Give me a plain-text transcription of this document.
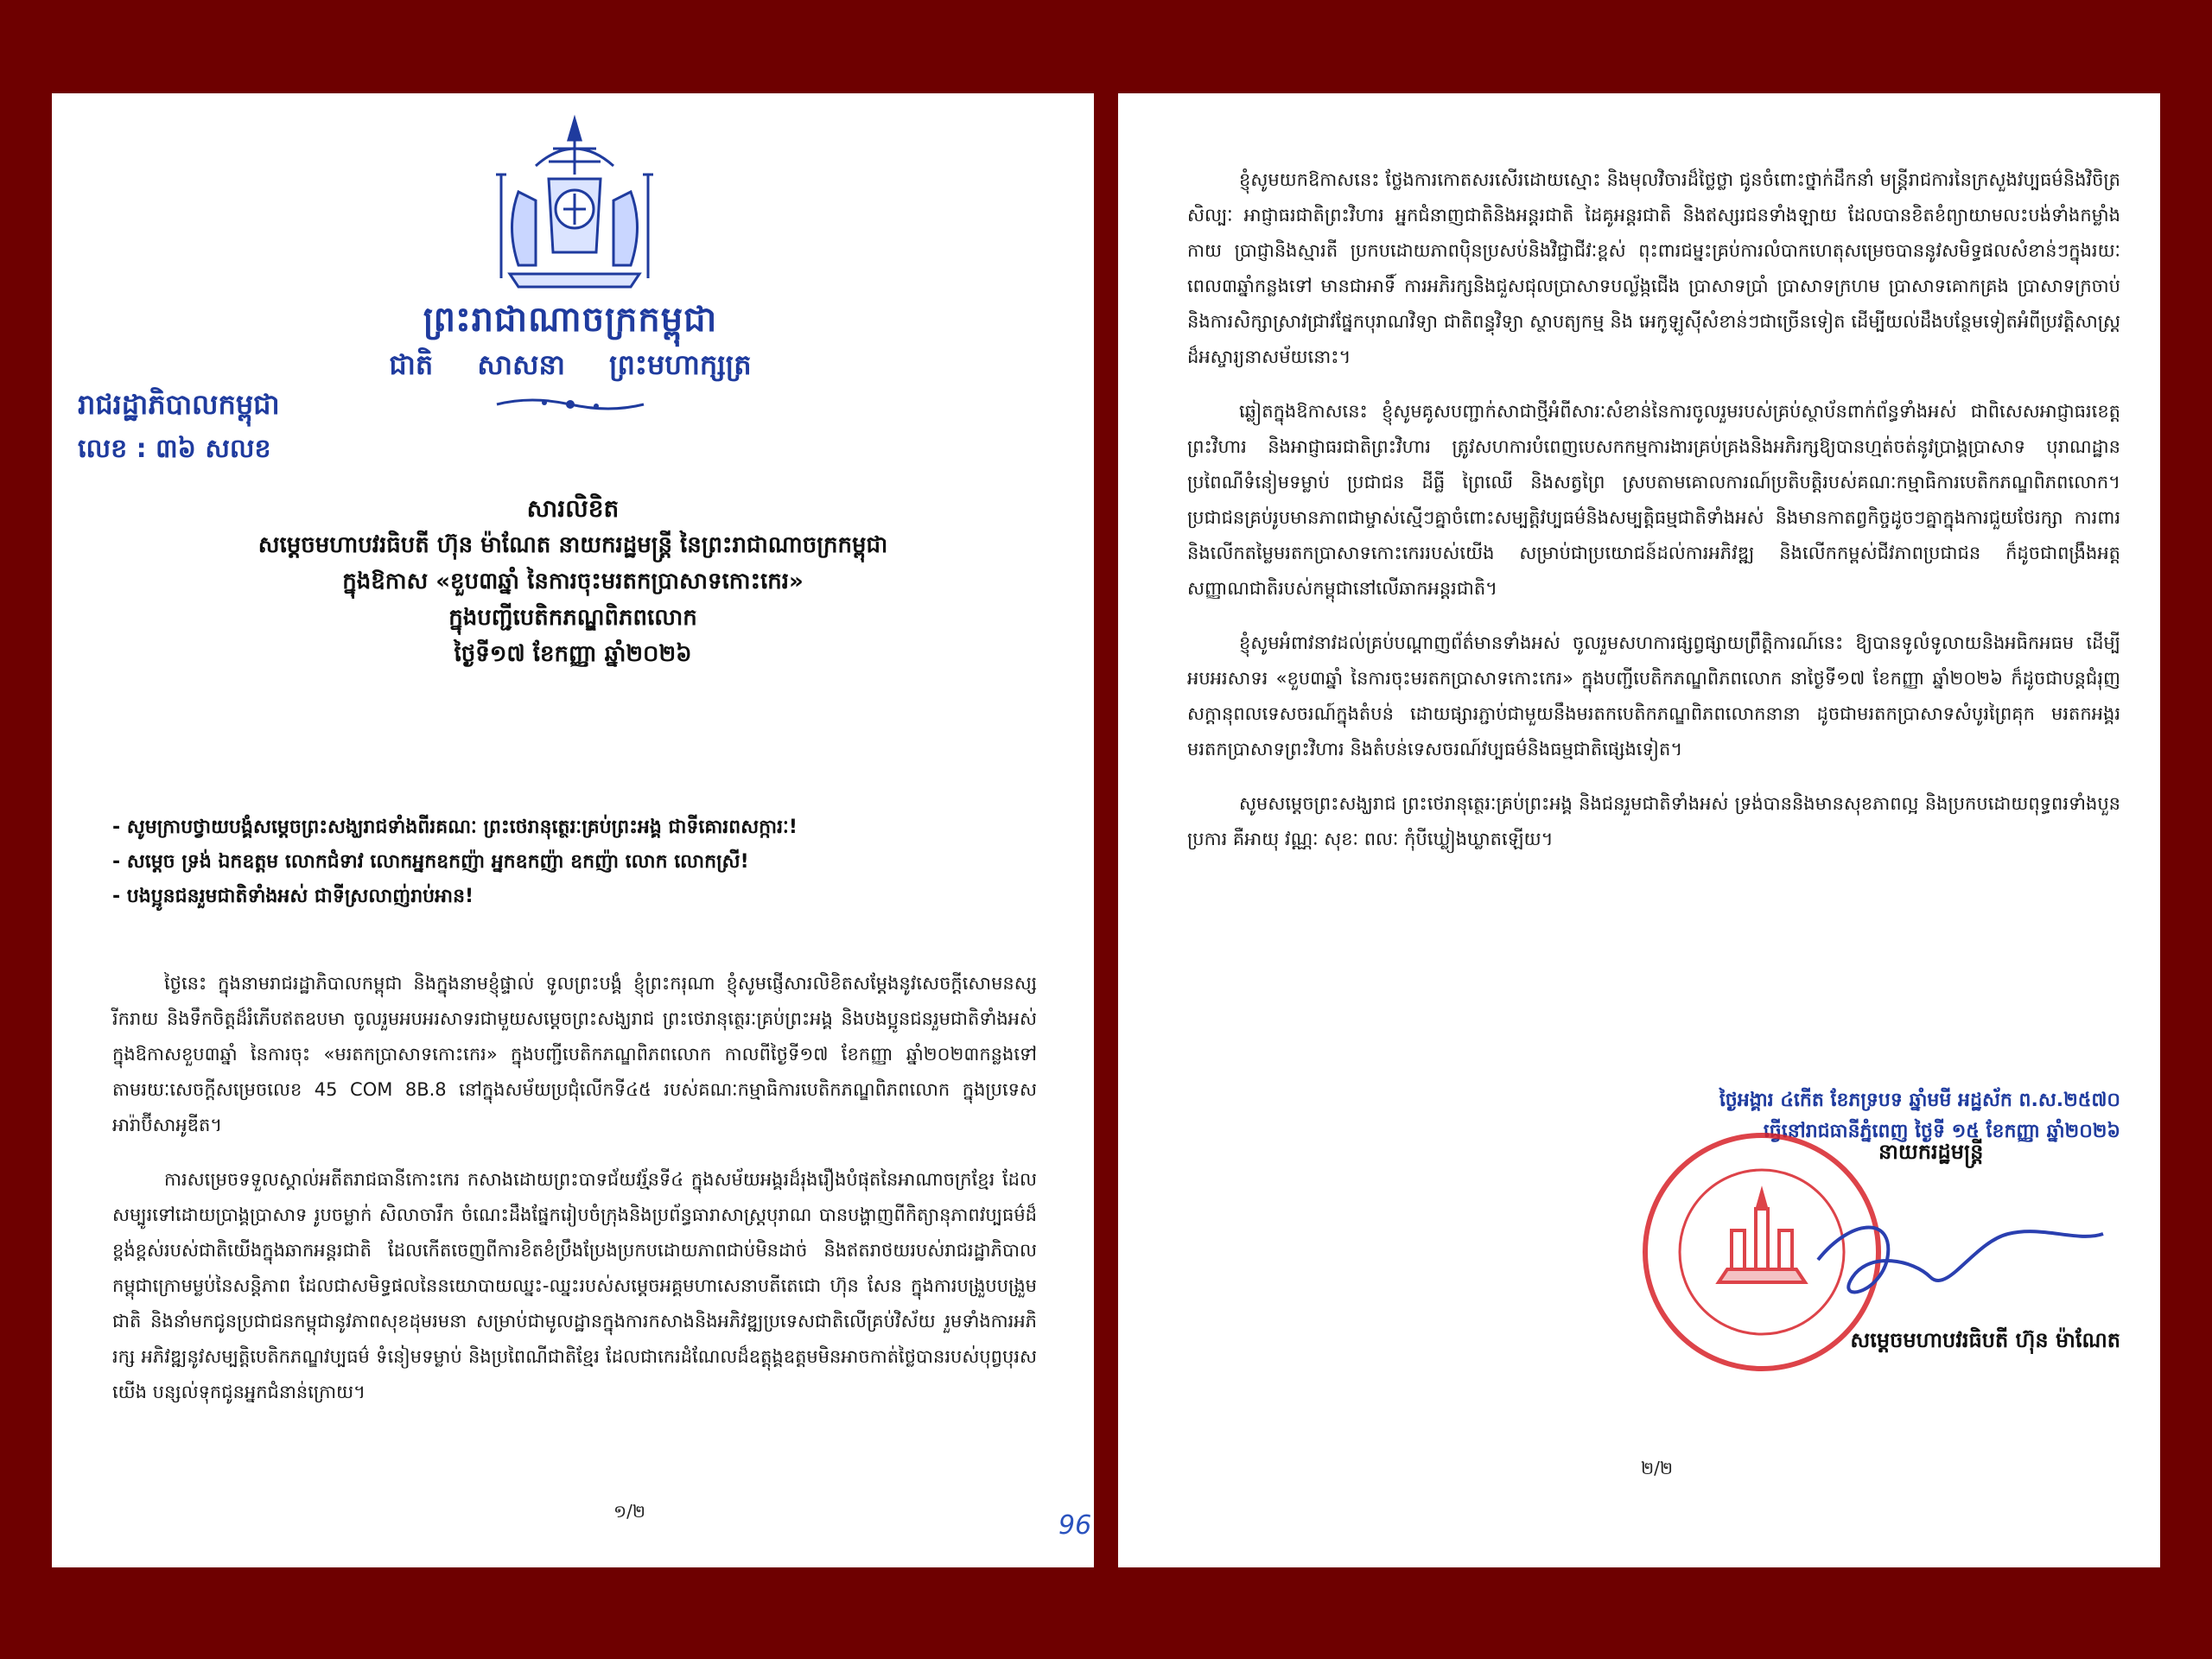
ព្រះរាជាណាចក្រកម្ពុជា
ជាតិ សាសនា ព្រះមហាក្សត្រ
រាជរដ្ឋាភិបាលកម្ពុជា
លេខ : ៣៦ សលខ
សារលិខិត
សម្តេចមហាបវរធិបតី ហ៊ុន ម៉ាណែត នាយករដ្ឋមន្ត្រី នៃព្រះរាជាណាចក្រកម្ពុជា
ក្នុងឱកាស «ខួប៣ឆ្នាំ នៃការចុះមរតកប្រាសាទកោះកេរ»
ក្នុងបញ្ជីបេតិកភណ្ឌពិភពលោក
ថ្ងៃទី១៧ ខែកញ្ញា ឆ្នាំ២០២៦
- សូមក្រាបថ្វាយបង្គំសម្តេចព្រះសង្ឃរាជទាំងពីរគណៈ ព្រះថេរានុត្ថេរៈគ្រប់ព្រះអង្គ ជាទីគោរពសក្ការៈ!
- សម្តេច ទ្រង់ ឯកឧត្តម លោកជំទាវ លោកអ្នកឧកញ៉ា អ្នកឧកញ៉ា ឧកញ៉ា លោក លោកស្រី!
- បងប្អូនជនរួមជាតិទាំងអស់ ជាទីស្រលាញ់រាប់អាន!

ថ្ងៃនេះ ក្នុងនាមរាជរដ្ឋាភិបាលកម្ពុជា និងក្នុងនាមខ្ញុំផ្ទាល់ ទូលព្រះបង្គំ ខ្ញុំព្រះករុណា ខ្ញុំសូមផ្ញើសារលិខិតសម្តែងនូវសេចក្តីសោមនស្សរីករាយ និងទឹកចិត្តដ៏រំភើបឥតឧបមា ចូលរួមអបអរសាទរជាមួយសម្តេចព្រះសង្ឃរាជ ព្រះថេរានុត្ថេរៈគ្រប់ព្រះអង្គ និងបងប្អូនជនរួមជាតិទាំងអស់ ក្នុងឱកាសខួប៣ឆ្នាំ នៃការចុះ «មរតកប្រាសាទកោះកេរ» ក្នុងបញ្ជីបេតិកភណ្ឌពិភពលោក កាលពីថ្ងៃទី១៧ ខែកញ្ញា ឆ្នាំ២០២៣កន្លងទៅ តាមរយៈសេចក្តីសម្រេចលេខ 45 COM 8B.8 នៅក្នុងសម័យប្រជុំលើកទី៤៥ របស់គណៈកម្មាធិការបេតិកភណ្ឌពិភពលោក ក្នុងប្រទេសអារ៉ាប៊ីសាអូឌីត។

ការសម្រេចទទួលស្គាល់អតីតរាជធានីកោះកេរ កសាងដោយព្រះបាទជ័យវរ្ម័នទី៤ ក្នុងសម័យអង្គរដ៏រុងរឿងបំផុតនៃអាណាចក្រខ្មែរ ដែលសម្បូរទៅដោយប្រាង្គប្រាសាទ រូបចម្លាក់ សិលាចារឹក ចំណេះដឹងផ្នែករៀបចំក្រុងនិងប្រព័ន្ធធារាសាស្ត្របុរាណ បានបង្ហាញពីកិត្យានុភាពវប្បធម៌ដ៏ខ្ពង់ខ្ពស់របស់ជាតិយើងក្នុងឆាកអន្តរជាតិ ដែលកើតចេញពីការខិតខំប្រឹងប្រែងប្រកបដោយភាពជាប់មិនដាច់ និងឥតរាថយរបស់រាជរដ្ឋាភិបាលកម្ពុជាក្រោមម្លប់នៃសន្តិភាព ដែលជាសមិទ្ធផលនៃនយោបាយឈ្នះ-ឈ្នះរបស់សម្តេចអគ្គមហាសេនាបតីតេជោ ហ៊ុន សែន ក្នុងការបង្រួបបង្រួមជាតិ និងនាំមកជូនប្រជាជនកម្ពុជានូវភាពសុខដុមរមនា សម្រាប់ជាមូលដ្ឋានក្នុងការកសាងនិងអភិវឌ្ឍប្រទេសជាតិលើគ្រប់វិស័យ រួមទាំងការអភិរក្ស អភិវឌ្ឍនូវសម្បត្តិបេតិកភណ្ឌវប្បធម៌ ទំនៀមទម្លាប់ និងប្រពៃណីជាតិខ្មែរ ដែលជាកេរដំណែលដ៏ឧត្តុង្គឧត្តមមិនអាចកាត់ថ្លៃបានរបស់បុព្វបុរសយើង បន្សល់ទុកជូនអ្នកជំនាន់ក្រោយ។

១/២	96

ខ្ញុំសូមយកឱកាសនេះ ថ្លែងការកោតសរសើរដោយស្មោះ និងមុលវិចារដ៏ថ្លៃថ្លា ជូនចំពោះថ្នាក់ដឹកនាំ មន្ត្រីរាជការនៃក្រសួងវប្បធម៌និងវិចិត្រសិល្បៈ អាជ្ញាធរជាតិព្រះវិហារ អ្នកជំនាញជាតិនិងអន្តរជាតិ ដៃគូអន្តរជាតិ និងឥស្សរជនទាំងឡាយ ដែលបានខិតខំព្យាយាមលះបង់ទាំងកម្លាំងកាយ ប្រាជ្ញានិងស្មារតី ប្រកបដោយភាពប៉ិនប្រសប់និងវិជ្ជាជីវៈខ្ពស់ ពុះពារជម្នះគ្រប់ការលំបាកហេតុសម្រេចបាននូវសមិទ្ធផលសំខាន់ៗក្នុងរយៈពេល៣ឆ្នាំកន្លងទៅ មានជាអាទិ៍ ការអភិរក្សនិងជួសជុលប្រាសាទបល្ល័ង្កជើង ប្រាសាទប្រាំ ប្រាសាទក្រហម ប្រាសាទគោកគ្រង ប្រាសាទក្រចាប់ និងការសិក្សាស្រាវជ្រាវផ្នែកបុរាណវិទ្យា ជាតិពន្ធុវិទ្យា ស្ថាបត្យកម្ម និង អេកូឡូស៊ីសំខាន់ៗជាច្រើនទៀត ដើម្បីយល់ដឹងបន្ថែមទៀតអំពីប្រវត្តិសាស្ត្រដ៏អស្ចារ្យនាសម័យនោះ។

ឆ្លៀតក្នុងឱកាសនេះ ខ្ញុំសូមគូសបញ្ជាក់សាជាថ្មីអំពីសារៈសំខាន់នៃការចូលរួមរបស់គ្រប់ស្ថាប័នពាក់ព័ន្ធទាំងអស់ ជាពិសេសអាជ្ញាធរខេត្តព្រះវិហារ និងអាជ្ញាធរជាតិព្រះវិហារ ត្រូវសហការបំពេញបេសកកម្មការងារគ្រប់គ្រងនិងអភិរក្សឱ្យបានហ្មត់ចត់នូវប្រាង្គប្រាសាទ បុរាណដ្ឋាន ប្រពៃណីទំនៀមទម្លាប់ ប្រជាជន ដីធ្លី ព្រៃឈើ និងសត្វព្រៃ ស្របតាមគោលការណ៍ប្រតិបត្តិរបស់គណៈកម្មាធិការបេតិកភណ្ឌពិភពលោក។ ប្រជាជនគ្រប់រូបមានភាពជាម្ចាស់ស្មើៗគ្នាចំពោះសម្បត្តិវប្បធម៌និងសម្បត្តិធម្មជាតិទាំងអស់ និងមានកាតព្វកិច្ចដូចៗគ្នាក្នុងការជួយថែរក្សា ការពារ និងលើកតម្លៃមរតកប្រាសាទកោះកេររបស់យើង សម្រាប់ជាប្រយោជន៍ដល់ការអភិវឌ្ឍ និងលើកកម្ពស់ជីវភាពប្រជាជន ក៏ដូចជាពង្រឹងអត្តសញ្ញាណជាតិរបស់កម្ពុជានៅលើឆាកអន្តរជាតិ។

ខ្ញុំសូមអំពាវនាវដល់គ្រប់បណ្តាញព័ត៌មានទាំងអស់ ចូលរួមសហការផ្សព្វផ្សាយព្រឹត្តិការណ៍នេះ ឱ្យបានទូលំទូលាយនិងអធិកអធម ដើម្បីអបអរសាទរ «ខួប៣ឆ្នាំ នៃការចុះមរតកប្រាសាទកោះកេរ» ក្នុងបញ្ជីបេតិកភណ្ឌពិភពលោក នាថ្ងៃទី១៧ ខែកញ្ញា ឆ្នាំ២០២៦ ក៏ដូចជាបន្តជំរុញសក្តានុពលទេសចរណ៍ក្នុងតំបន់ ដោយផ្សារភ្ជាប់ជាមួយនឹងមរតកបេតិកភណ្ឌពិភពលោកនានា ដូចជាមរតកប្រាសាទសំបូរព្រៃគុក មរតកអង្គរ មរតកប្រាសាទព្រះវិហារ និងតំបន់ទេសចរណ៍វប្បធម៌និងធម្មជាតិផ្សេងទៀត។

សូមសម្តេចព្រះសង្ឃរាជ ព្រះថេរានុត្ថេរៈគ្រប់ព្រះអង្គ និងជនរួមជាតិទាំងអស់ ទ្រង់បាននិងមានសុខភាពល្អ និងប្រកបដោយពុទ្ធពរទាំងបួនប្រការ គឺអាយុ វណ្ណៈ សុខៈ ពលៈ កុំបីឃ្លៀងឃ្លាតឡើយ។

ថ្ងៃអង្គារ ៤កើត ខែភទ្របទ ឆ្នាំមមី អដ្ឋស័ក ព.ស.២៥៧០
ធ្វើនៅរាជធានីភ្នំពេញ ថ្ងៃទី ១៥ ខែកញ្ញា ឆ្នាំ២០២៦
នាយករដ្ឋមន្ត្រី
សម្តេចមហាបវរធិបតី ហ៊ុន ម៉ាណែត
២/២
